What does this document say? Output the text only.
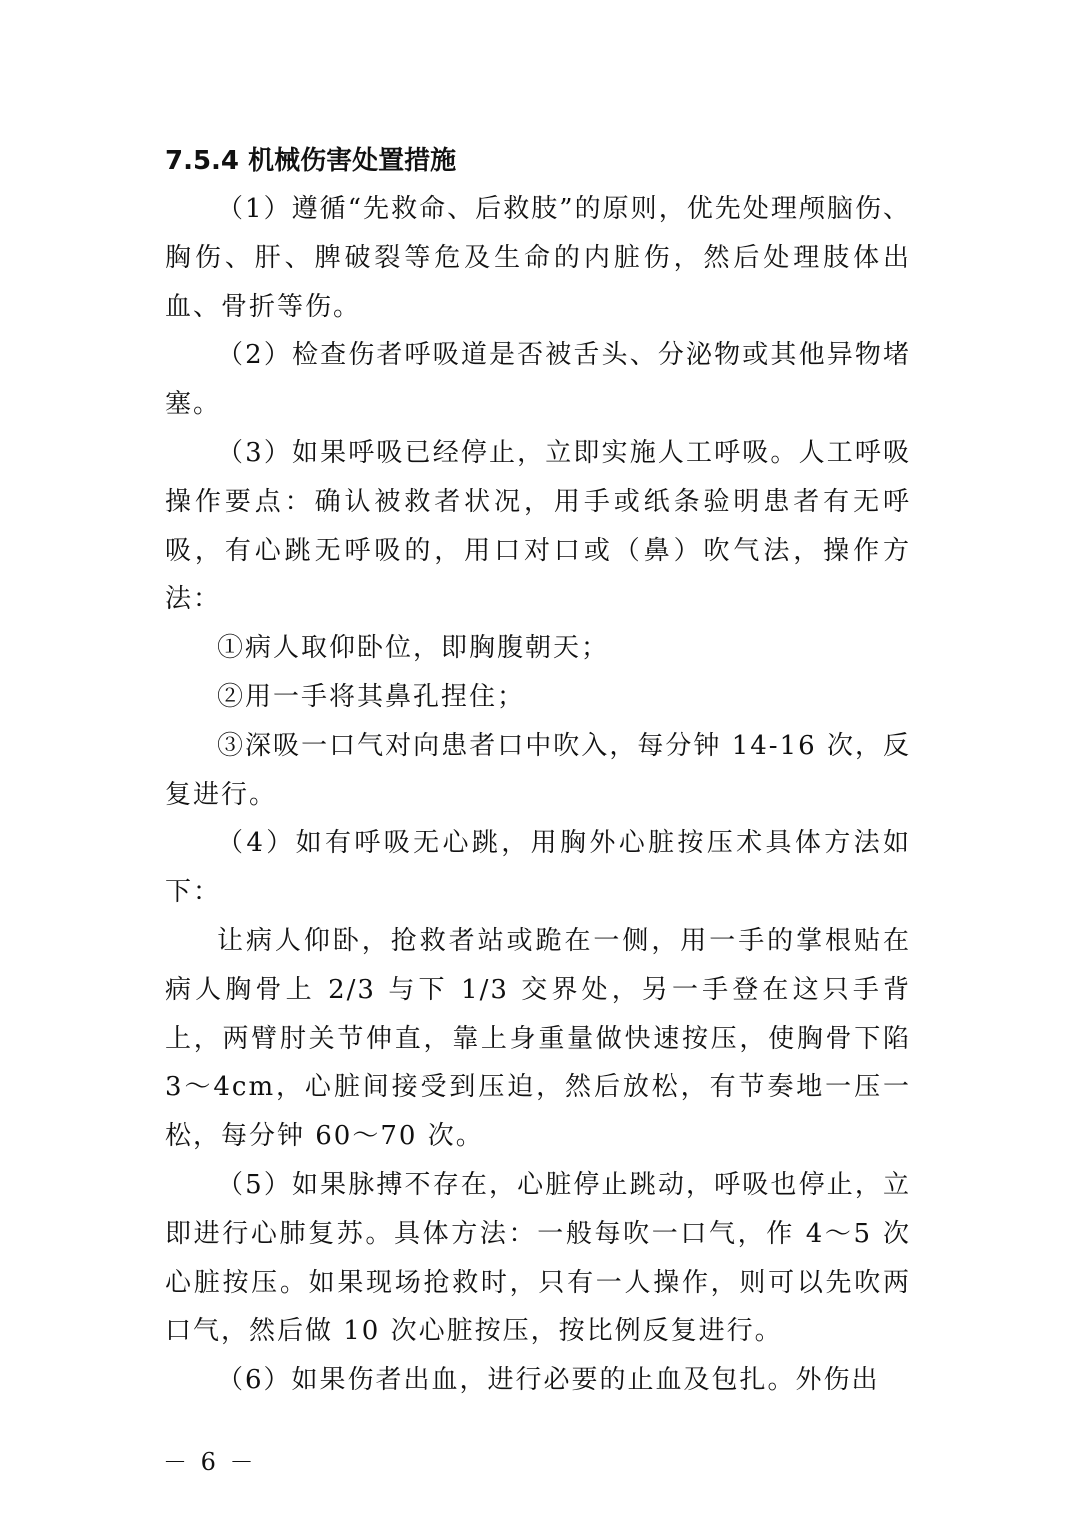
7.5.4 机械伤害处置措施

（1）遵循“先救命、后救肢”的原则，优先处理颅脑伤、胸伤、肝、脾破裂等危及生命的内脏伤，然后处理肢体出血、骨折等伤。

（2）检查伤者呼吸道是否被舌头、分泌物或其他异物堵塞。

（3）如果呼吸已经停止，立即实施人工呼吸。人工呼吸操作要点：确认被救者状况，用手或纸条验明患者有无呼吸，有心跳无呼吸的，用口对口或（鼻）吹气法，操作方法：

①病人取仰卧位，即胸腹朝天；

②用一手将其鼻孔捏住；

③深吸一口气对向患者口中吹入，每分钟 14-16 次，反复进行。

（4）如有呼吸无心跳，用胸外心脏按压术具体方法如下：

让病人仰卧，抢救者站或跪在一侧，用一手的掌根贴在病人胸骨上 2/3 与下 1/3 交界处，另一手登在这只手背上，两臂肘关节伸直，靠上身重量做快速按压，使胸骨下陷 3～4cm，心脏间接受到压迫，然后放松，有节奏地一压一松，每分钟 60～70 次。

（5）如果脉搏不存在，心脏停止跳动，呼吸也停止，立即进行心肺复苏。具体方法：一般每吹一口气，作 4～5 次心脏按压。如果现场抢救时，只有一人操作，则可以先吹两口气，然后做 10 次心脏按压，按比例反复进行。

（6）如果伤者出血，进行必要的止血及包扎。外伤出

－ 6 －
